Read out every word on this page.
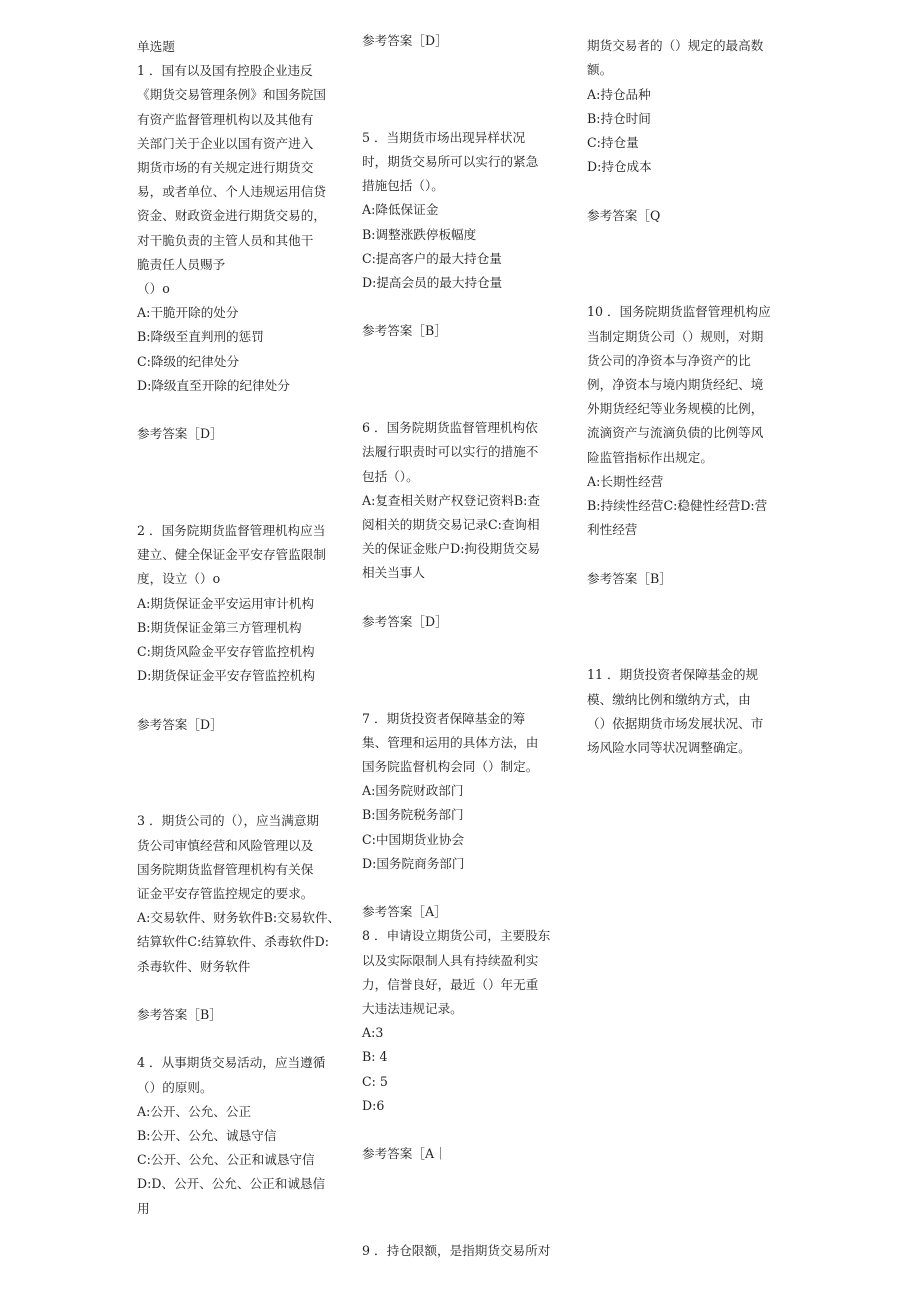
单选题
1 ．国有以及国有控股企业违反
《期货交易管理条例》和国务院国
有资产监督管理机构以及其他有
关部门关于企业以国有资产进入
期货市场的有关规定进行期货交
易，或者单位、个人违规运用信贷
资金、财政资金进行期货交易的，
对干脆负责的主管人员和其他干
脆责任人员赐予
（）o
A:干脆开除的处分
B:降级至直判刑的惩罚
C:降级的纪律处分
D:降级直至开除的纪律处分
参考答案［D］
2 ．国务院期货监督管理机构应当
建立、健全保证金平安存管监限制
度，设立（）o
A:期货保证金平安运用审计机构
B:期货保证金第三方管理机构
C:期货风险金平安存管监控机构
D:期货保证金平安存管监控机构
参考答案［D］
3 ．期货公司的（），应当满意期
货公司审慎经营和风险管理以及
国务院期货监督管理机构有关保
证金平安存管监控规定的要求。
A:交易软件、财务软件B:交易软件、
结算软件C:结算软件、杀毒软件D:
杀毒软件、财务软件
参考答案［B］
4 ．从事期货交易活动，应当遵循
（）的原则。
A:公开、公允、公正
B:公开、公允、诚恳守信
C:公开、公允、公正和诚恳守信
D:D、公开、公允、公正和诚恳信
用
参考答案［D］
5 ．当期货市场出现异样状况
时，期货交易所可以实行的紧急
措施包括（）。
A:降低保证金
B:调整涨跌停板幅度
C:提高客户的最大持仓量
D:提高会员的最大持仓量
参考答案［B］
6 ．国务院期货监督管理机构依
法履行职责时可以实行的措施不
包括（）。
A:复查相关财产权登记资料B:查
阅相关的期货交易记录C:查询相
关的保证金账户D:拘役期货交易
相关当事人
参考答案［D］
7 ．期货投资者保障基金的筹
集、管理和运用的具体方法，由
国务院监督机构会同（）制定。
A:国务院财政部门
B:国务院税务部门
C:中国期货业协会
D:国务院商务部门
参考答案［A］
8 ．申请设立期货公司，主要股东
以及实际限制人具有持续盈利实
力，信誉良好，最近（）年无重
大违法违规记录。
A:3
B: 4
C: 5
D:6
参考答案［A｜
9 ．持仓限额，是指期货交易所对
期货交易者的（）规定的最高数
额。
A:持仓品种
B:持仓时间
C:持仓量
D:持仓成本
参考答案［Q
10 ．国务院期货监督管理机构应
当制定期货公司（）规则，对期
货公司的净资本与净资产的比
例，净资本与境内期货经纪、境
外期货经纪等业务规模的比例，
流滴资产与流滴负债的比例等风
险监管指标作出规定。
A:长期性经营
B:持续性经营C:稳健性经营D:营
利性经营
参考答案［B］
11 ．期货投资者保障基金的规
模、缴纳比例和缴纳方式，由
（）依据期货市场发展状况、市
场风险水同等状况调整确定。
